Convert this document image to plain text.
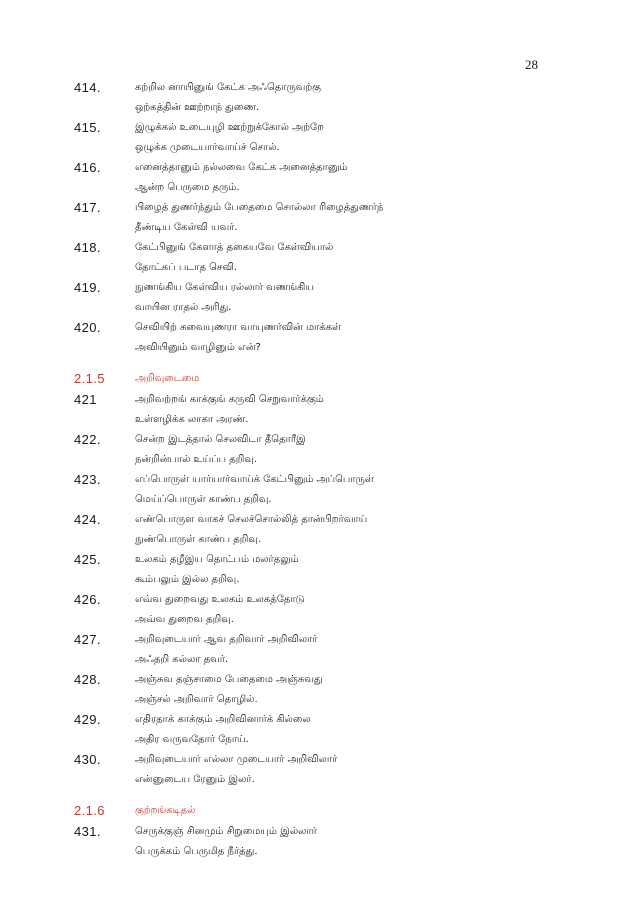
28
414.	கற்றில னாயினுங் கேட்க அஃதொருவற்கு
ஒற்கத்தின் ஊற்றாந் துணை.
415.	இழுக்கல் உடையுழி ஊற்றுக்கோல் அற்றே
ஒழுக்க முடையார்வாய்ச் சொல்.
416.	எனைத்தானும் நல்லவை கேட்க அனைத்தானும்
ஆன்ற பெருமை தரும்.
417.	பிழைத் துணர்ந்தும் பேதைமை சொல்லா ரிழைத்துணர்ந்
தீண்டிய கேள்வி யவர்.
418.	கேட்பினுங் கேளாத் தகையவே கேள்வியால்
தோட்கப் படாத செவி.
419.	நுணங்கிய கேள்விய ரல்லார் வணங்கிய
வாயின ராதல் அரிது.
420.	செவியிற் சுவையுணரா வாயுணர்வின் மாக்கள்
அவியினும் வாழினும் என்?
2.1.5	அறிவுடைமை
421	அறிவற்றங் காக்குங் கருவி செறுவார்க்கும்
உள்ளழிக்க லாகா அரண்.
422.	சென்ற இடத்தால் செலவிடா தீதொரீஇ
நன்றின்பால் உய்ப்ப தறிவு.
423.	எப்பொருள் யார்யார்வாய்க் கேட்பினும் அப்பொருள்
மெய்ப்பொருள் காண்ப தறிவு.
424.	எண்பொருள வாகச் செலச்சொல்லித் தான்பிறர்வாய்
நுண்பொருள் காண்ப தறிவு.
425.	உலகம் தழீஇய தொட்பம் மலர்தலும்
கூம்பலும் இல்ல தறிவு.
426.	எவ்வ துறைவது உலகம் உலகத்தோடு
அவ்வ துறைவ தறிவு.
427.	அறிவுடையார் ஆவ தறிவார் அறிவிலார்
அஃதறி கல்லா தவர்.
428.	அஞ்சுவ தஞ்சாமை பேதைமை அஞ்சுவது
அஞ்சல் அறிவார் தொழில்.
429.	எதிரதாக் காக்கும் அறிவினார்க் கில்லை
அதிர வருவதோர் நோய்.
430.	அறிவுடையார் எல்லா முடையார் அறிவிலார்
என்னுடைய ரேனும் இலர்.
2.1.6	குற்றங்கடிதல்
431.	செருக்குஞ் சினமும் சிறுமையும் இல்லார்
பெருக்கம் பெருமித நீர்த்து.
